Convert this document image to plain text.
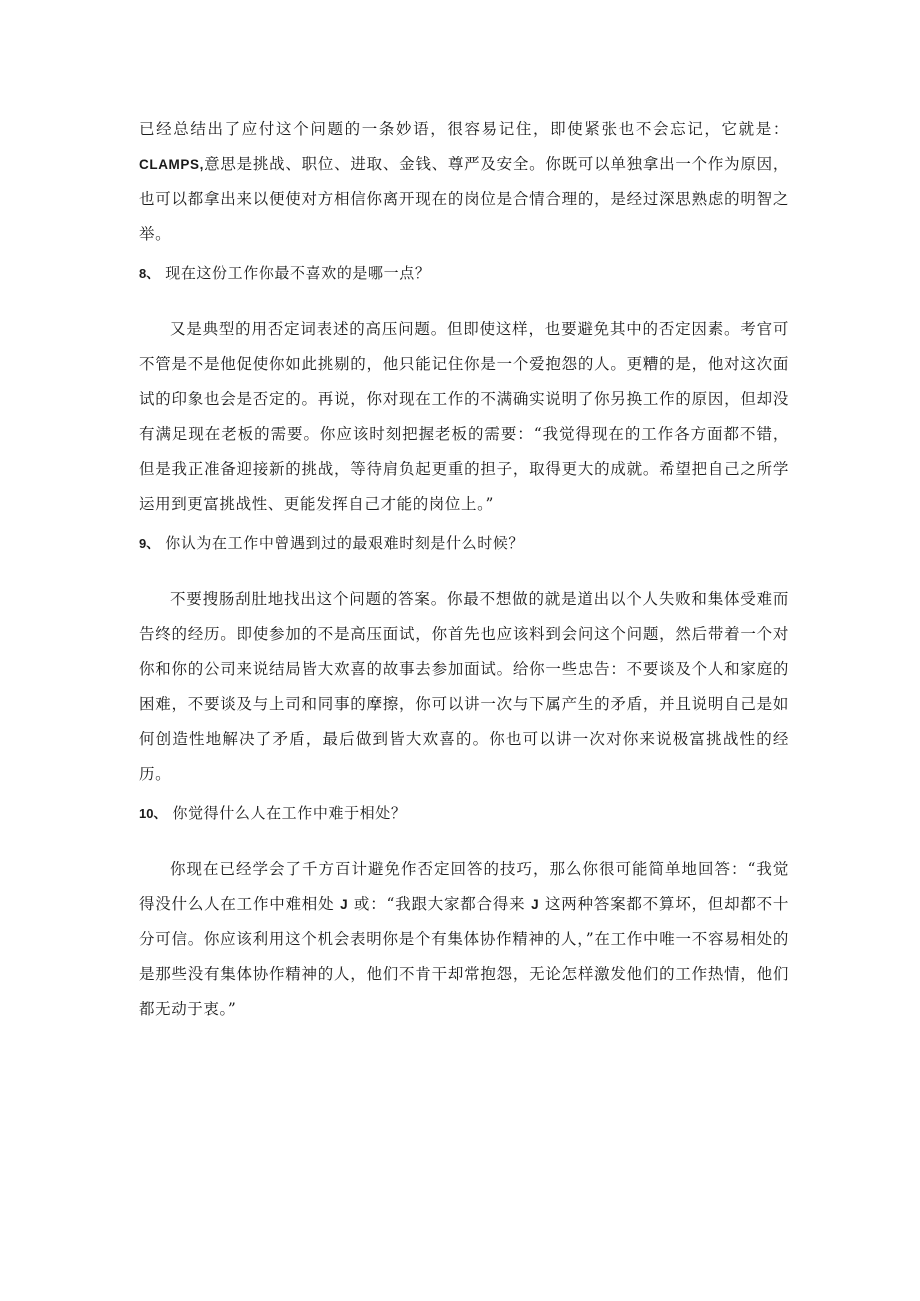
已经总结出了应付这个问题的一条妙语，很容易记住，即使紧张也不会忘记，它就是：CLAMPS,意思是挑战、职位、进取、金钱、尊严及安全。你既可以单独拿出一个作为原因，也可以都拿出来以便使对方相信你离开现在的岗位是合情合理的，是经过深思熟虑的明智之举。

8、 现在这份工作你最不喜欢的是哪一点？

又是典型的用否定词表述的高压问题。但即使这样，也要避免其中的否定因素。考官可不管是不是他促使你如此挑剔的，他只能记住你是一个爱抱怨的人。更糟的是，他对这次面试的印象也会是否定的。再说，你对现在工作的不满确实说明了你另换工作的原因，但却没有满足现在老板的需要。你应该时刻把握老板的需要：“我觉得现在的工作各方面都不错，但是我正准备迎接新的挑战，等待肩负起更重的担子，取得更大的成就。希望把自己之所学运用到更富挑战性、更能发挥自己才能的岗位上。”

9、 你认为在工作中曾遇到过的最艰难时刻是什么时候？

不要搜肠刮肚地找出这个问题的答案。你最不想做的就是道出以个人失败和集体受难而告终的经历。即使参加的不是高压面试，你首先也应该料到会问这个问题，然后带着一个对你和你的公司来说结局皆大欢喜的故事去参加面试。给你一些忠告：不要谈及个人和家庭的困难，不要谈及与上司和同事的摩擦，你可以讲一次与下属产生的矛盾，并且说明自己是如何创造性地解决了矛盾，最后做到皆大欢喜的。你也可以讲一次对你来说极富挑战性的经历。

10、 你觉得什么人在工作中难于相处？

你现在已经学会了千方百计避免作否定回答的技巧，那么你很可能简单地回答：“我觉得没什么人在工作中难相处 J 或：“我跟大家都合得来 J 这两种答案都不算坏，但却都不十分可信。你应该利用这个机会表明你是个有集体协作精神的人，”在工作中唯一不容易相处的是那些没有集体协作精神的人，他们不肯干却常抱怨，无论怎样激发他们的工作热情，他们都无动于衷。”
